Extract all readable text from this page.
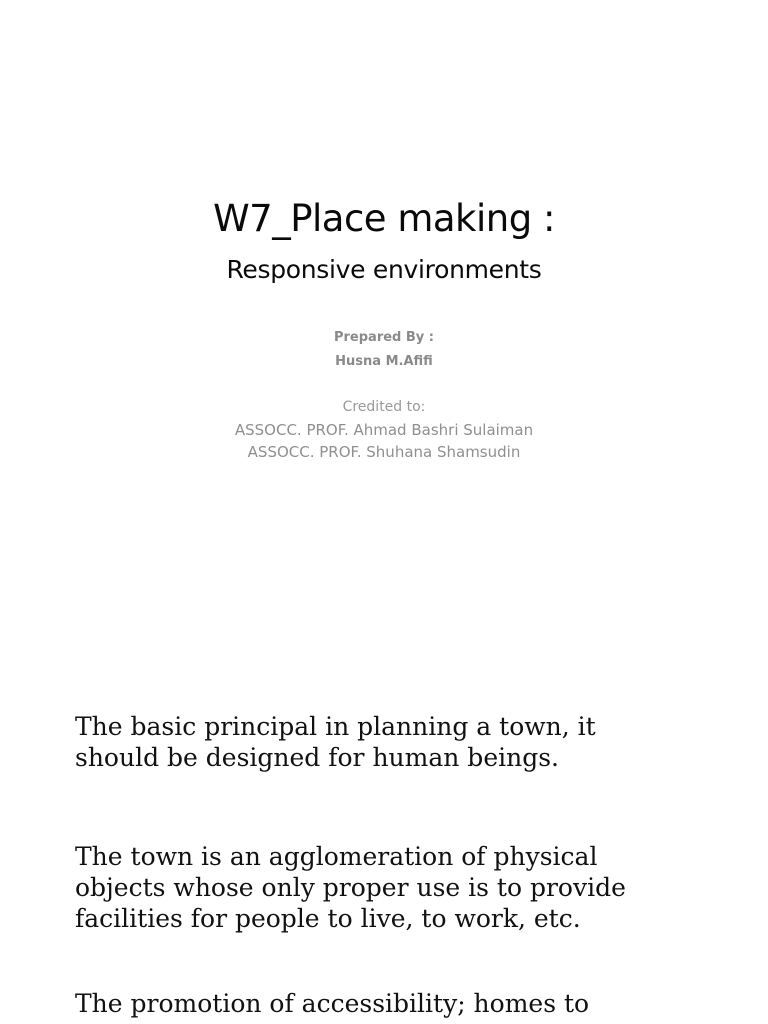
W7_Place making :
Responsive environments
Prepared By :
Husna M.Afifi
Credited to:
ASSOCC. PROF. Ahmad Bashri Sulaiman
ASSOCC. PROF. Shuhana Shamsudin

The basic principal in planning a town, it
should be designed for human beings.

The town is an agglomeration of physical
objects whose only proper use is to provide
facilities for people to live, to work, etc.

The promotion of accessibility; homes to
